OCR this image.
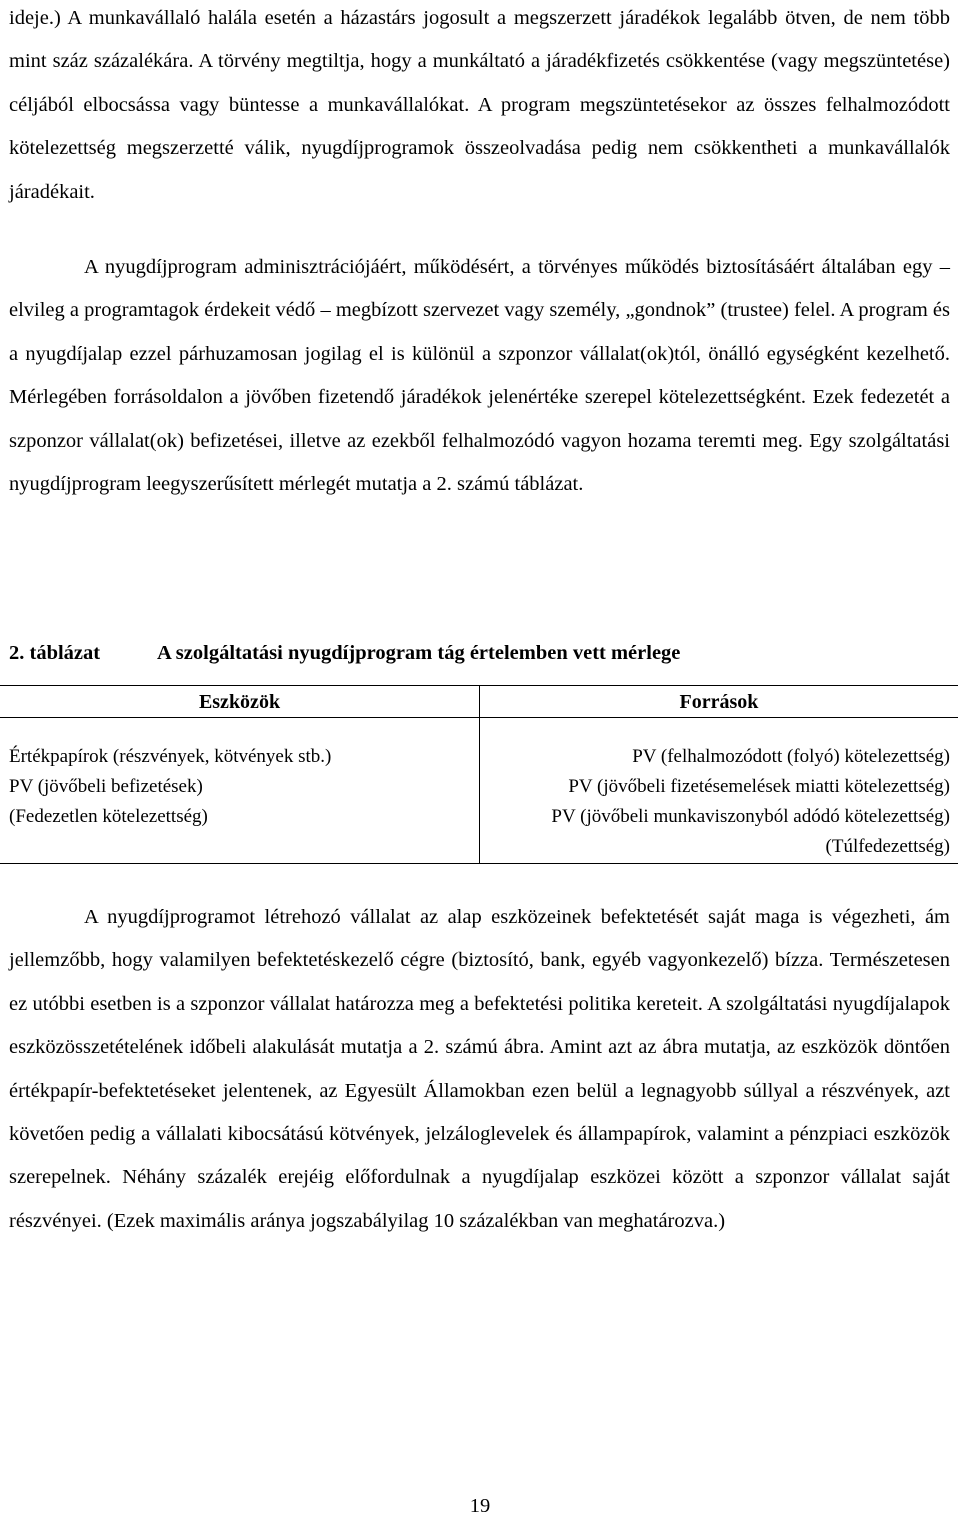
ideje.) A munkavállaló halála esetén a házastárs jogosult a megszerzett járadékok legalább ötven, de nem több mint száz százalékára. A törvény megtiltja, hogy a munkáltató a járadékfizetés csökkentése (vagy megszüntetése) céljából elbocsássa vagy büntesse a munkavállalókat. A program megszüntetésekor az összes felhalmozódott kötelezettség megszerzetté válik, nyugdíjprogramok összeolvadása pedig nem csökkentheti a munkavállalók járadékait.

A nyugdíjprogram adminisztrációjáért, működésért, a törvényes működés biztosításáért általában egy – elvileg a programtagok érdekeit védő – megbízott szervezet vagy személy, „gondnok” (trustee) felel. A program és a nyugdíjalap ezzel párhuzamosan jogilag el is különül a szponzor vállalat(ok)tól, önálló egységként kezelhető. Mérlegében forrásoldalon a jövőben fizetendő járadékok jelenértéke szerepel kötelezettségként. Ezek fedezetét a szponzor vállalat(ok) befizetései, illetve az ezekből felhalmozódó vagyon hozama teremti meg. Egy szolgáltatási nyugdíjprogram leegyszerűsített mérlegét mutatja a 2. számú táblázat.

2. táblázat	A szolgáltatási nyugdíjprogram tág értelemben vett mérlege
Eszközök	Források
Értékpapírok (részvények, kötvények stb.)
PV (jövőbeli befizetések)
(Fedezetlen kötelezettség)
PV (felhalmozódott (folyó) kötelezettség)
PV (jövőbeli fizetésemelések miatti kötelezettség)
PV (jövőbeli munkaviszonyból adódó kötelezettség)
(Túlfedezettség)

A nyugdíjprogramot létrehozó vállalat az alap eszközeinek befektetését saját maga is végezheti, ám jellemzőbb, hogy valamilyen befektetéskezelő cégre (biztosító, bank, egyéb vagyonkezelő) bízza. Természetesen ez utóbbi esetben is a szponzor vállalat határozza meg a befektetési politika kereteit. A szolgáltatási nyugdíjalapok eszközösszetételének időbeli alakulását mutatja a 2. számú ábra. Amint azt az ábra mutatja, az eszközök döntően értékpapír-befektetéseket jelentenek, az Egyesült Államokban ezen belül a legnagyobb súllyal a részvények, azt követően pedig a vállalati kibocsátású kötvények, jelzáloglevelek és állampapírok, valamint a pénzpiaci eszközök szerepelnek. Néhány százalék erejéig előfordulnak a nyugdíjalap eszközei között a szponzor vállalat saját részvényei. (Ezek maximális aránya jogszabályilag 10 százalékban van meghatározva.)

19
